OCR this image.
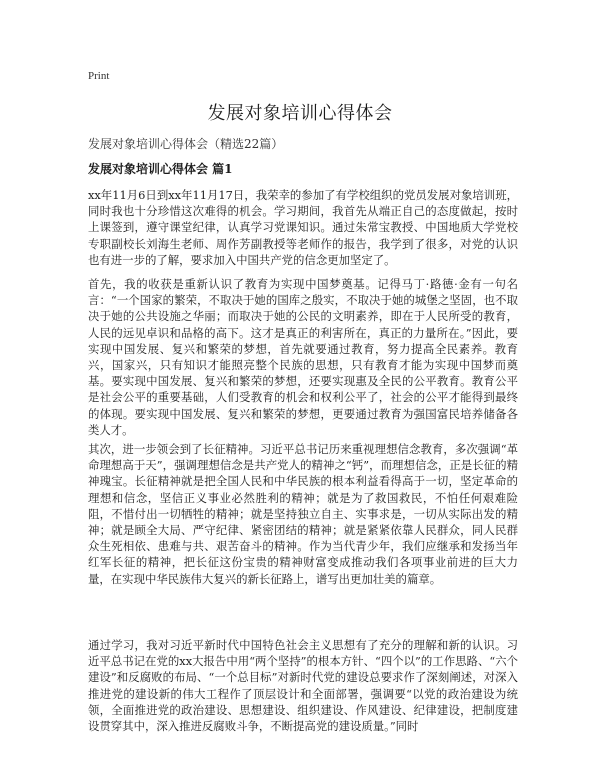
Print
发展对象培训心得体会
发展对象培训心得体会（精选22篇）
发展对象培训心得体会 篇1

xx年11月6日到xx年11月17日，我荣幸的参加了有学校组织的党员发展对象培训班，同时我也十分珍惜这次难得的机会。学习期间，我首先从端正自己的态度做起，按时上课签到，遵守课堂纪律，认真学习党课知识。通过朱常宝教授、中国地质大学党校专职副校长刘海生老师、周作芳副教授等老师作的报告，我学到了很多，对党的认识也有进一步的了解，要求加入中国共产党的信念更加坚定了。

首先，我的收获是重新认识了教育为实现中国梦奠基。记得马丁·路德·金有一句名言：“一个国家的繁荣，不取决于她的国库之殷实，不取决于她的城堡之坚固，也不取决于她的公共设施之华丽；而取决于她的公民的文明素养，即在于人民所受的教育，人民的远见卓识和品格的高下。这才是真正的利害所在，真正的力量所在。”因此，要实现中国发展、复兴和繁荣的梦想，首先就要通过教育，努力提高全民素养。教育兴，国家兴，只有知识才能照亮整个民族的思想，只有教育才能为实现中国梦而奠基。要实现中国发展、复兴和繁荣的梦想，还要实现惠及全民的公平教育。教育公平是社会公平的重要基础，人们受教育的机会和权利公平了，社会的公平才能得到最终的体现。要实现中国发展、复兴和繁荣的梦想，更要通过教育为强国富民培养储备各类人才。

其次，进一步领会到了长征精神。习近平总书记历来重视理想信念教育，多次强调“革命理想高于天”，强调理想信念是共产党人的精神之“钙”，而理想信念，正是长征的精神瑰宝。长征精神就是把全国人民和中华民族的根本利益看得高于一切，坚定革命的理想和信念，坚信正义事业必然胜利的精神；就是为了救国救民，不怕任何艰难险阻，不惜付出一切牺牲的精神；就是坚持独立自主、实事求是，一切从实际出发的精神；就是顾全大局、严守纪律、紧密团结的精神；就是紧紧依靠人民群众，同人民群众生死相依、患难与共、艰苦奋斗的精神。作为当代青少年，我们应继承和发扬当年红军长征的精神，把长征这份宝贵的精神财富变成推动我们各项事业前进的巨大力量，在实现中华民族伟大复兴的新长征路上，谱写出更加壮美的篇章。

通过学习，我对习近平新时代中国特色社会主义思想有了充分的理解和新的认识。习近平总书记在党的xx大报告中用“两个坚持”的根本方针、“四个以”的工作思路、“六个建设”和反腐败的布局、“一个总目标”对新时代党的建设总要求作了深刻阐述，对深入推进党的建设新的伟大工程作了顶层设计和全面部署，强调要“以党的政治建设为统领，全面推进党的政治建设、思想建设、组织建设、作风建设、纪律建设，把制度建设贯穿其中，深入推进反腐败斗争，不断提高党的建设质量。”同时
